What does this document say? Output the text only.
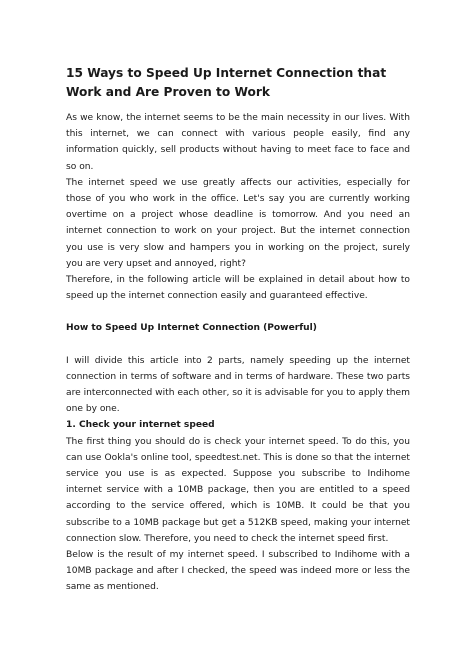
15 Ways to Speed Up Internet Connection that Work and Are Proven to Work

As we know, the internet seems to be the main necessity in our lives. With this internet, we can connect with various people easily, find any information quickly, sell products without having to meet face to face and so on.

The internet speed we use greatly affects our activities, especially for those of you who work in the office. Let's say you are currently working overtime on a project whose deadline is tomorrow. And you need an internet connection to work on your project. But the internet connection you use is very slow and hampers you in working on the project, surely you are very upset and annoyed, right?

Therefore, in the following article will be explained in detail about how to speed up the internet connection easily and guaranteed effective.

How to Speed Up Internet Connection (Powerful)

I will divide this article into 2 parts, namely speeding up the internet connection in terms of software and in terms of hardware. These two parts are interconnected with each other, so it is advisable for you to apply them one by one.

1. Check your internet speed

The first thing you should do is check your internet speed. To do this, you can use Ookla's online tool, speedtest.net. This is done so that the internet service you use is as expected. Suppose you subscribe to Indihome internet service with a 10MB package, then you are entitled to a speed according to the service offered, which is 10MB. It could be that you subscribe to a 10MB package but get a 512KB speed, making your internet connection slow. Therefore, you need to check the internet speed first.

Below is the result of my internet speed. I subscribed to Indihome with a 10MB package and after I checked, the speed was indeed more or less the same as mentioned.
